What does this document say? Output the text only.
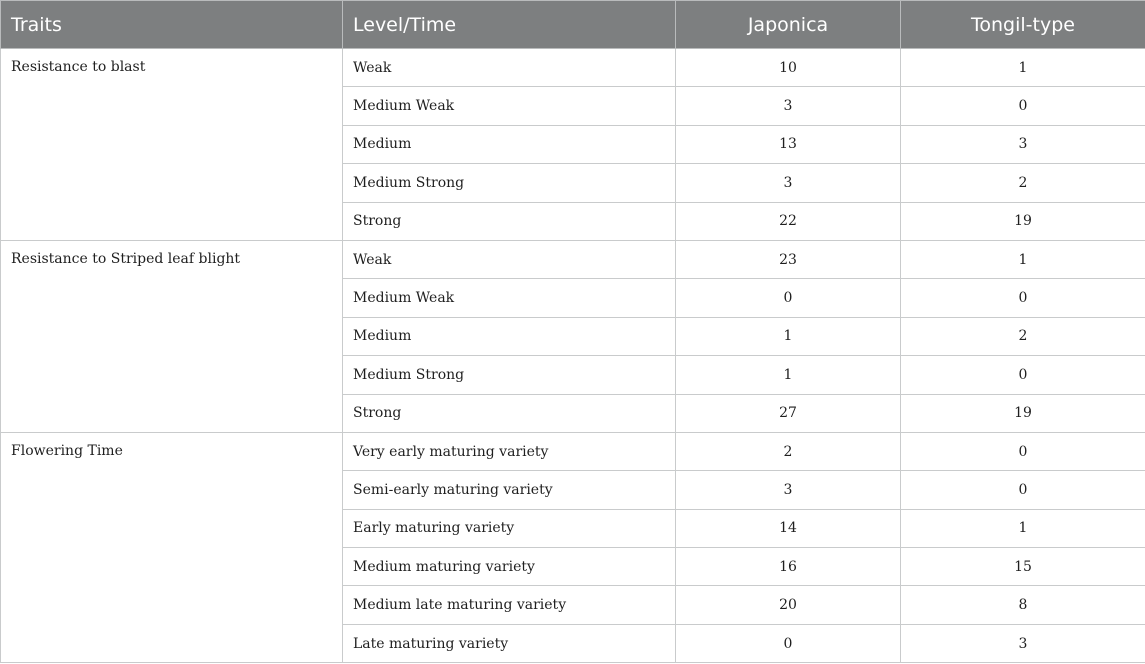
Traits	Level/Time	Japonica	Tongil-type
Resistance to blast	Weak	10	1
	Medium Weak	3	0
	Medium	13	3
	Medium Strong	3	2
	Strong	22	19
Resistance to Striped leaf blight	Weak	23	1
	Medium Weak	0	0
	Medium	1	2
	Medium Strong	1	0
	Strong	27	19
Flowering Time	Very early maturing variety	2	0
	Semi-early maturing variety	3	0
	Early maturing variety	14	1
	Medium maturing variety	16	15
	Medium late maturing variety	20	8
	Late maturing variety	0	3
